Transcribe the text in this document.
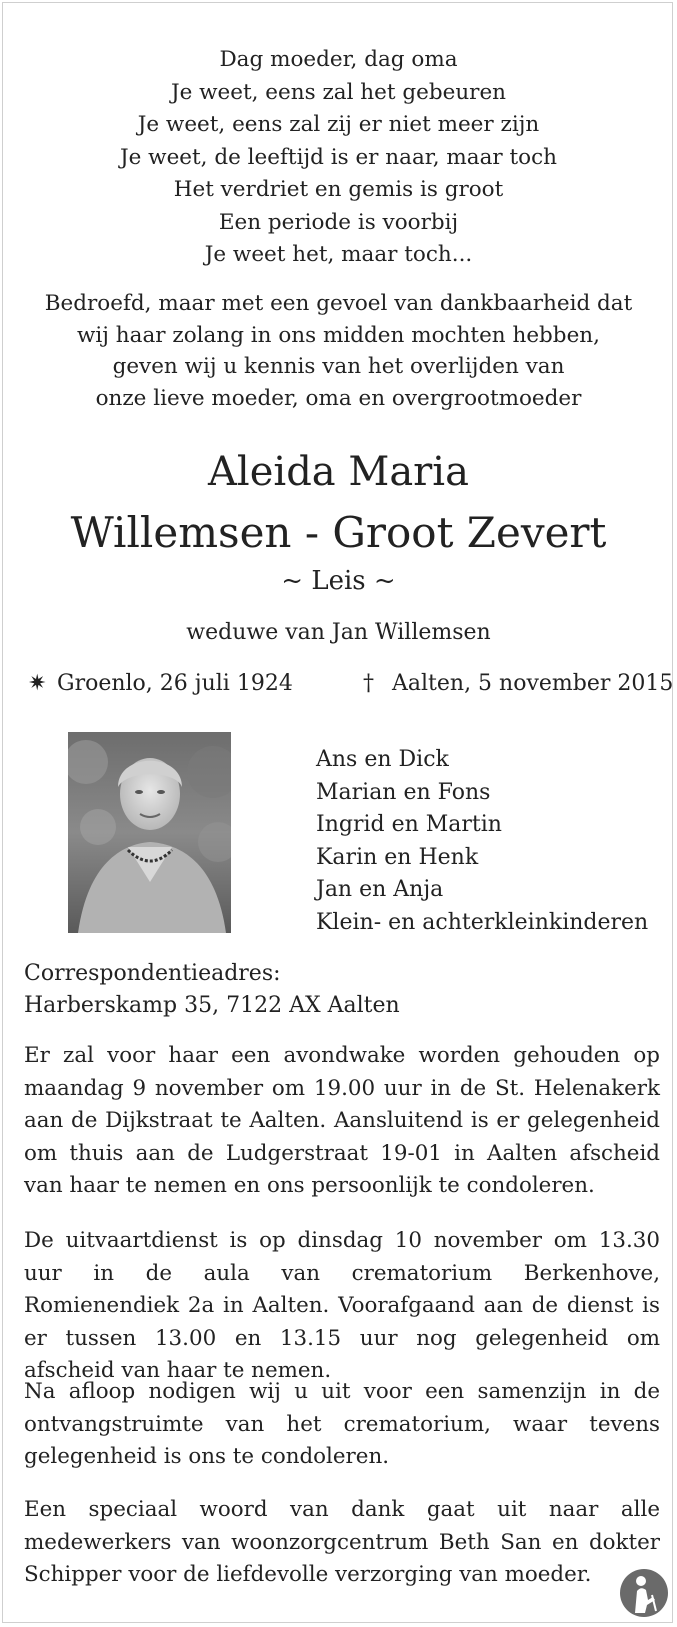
Dag moeder, dag oma
Je weet, eens zal het gebeuren
Je weet, eens zal zij er niet meer zijn
Je weet, de leeftijd is er naar, maar toch
Het verdriet en gemis is groot
Een periode is voorbij
Je weet het, maar toch...
Bedroefd, maar met een gevoel van dankbaarheid dat
wij haar zolang in ons midden mochten hebben,
geven wij u kennis van het overlijden van
onze lieve moeder, oma en overgrootmoeder
Aleida Maria
Willemsen - Groot Zevert
~ Leis ~
weduwe van Jan Willemsen
✷ Groenlo, 26 juli 1924	† Aalten, 5 november 2015
Ans en Dick
Marian en Fons
Ingrid en Martin
Karin en Henk
Jan en Anja
Klein- en achterkleinkinderen
Correspondentieadres:
Harberskamp 35, 7122 AX Aalten
Er zal voor haar een avondwake worden gehouden op maandag 9 november om 19.00 uur in de St. Helenakerk aan de Dijkstraat te Aalten. Aansluitend is er gelegenheid om thuis aan de Ludgerstraat 19-01 in Aalten afscheid van haar te nemen en ons persoonlijk te condoleren.
De uitvaartdienst is op dinsdag 10 november om 13.30 uur in de aula van crematorium Berkenhove, Romienendiek 2a in Aalten. Voorafgaand aan de dienst is er tussen 13.00 en 13.15 uur nog gelegenheid om afscheid van haar te nemen.
Na afloop nodigen wij u uit voor een samenzijn in de ontvangstruimte van het crematorium, waar tevens gelegenheid is ons te condoleren.
Een speciaal woord van dank gaat uit naar alle medewerkers van woonzorgcentrum Beth San en dokter Schipper voor de liefdevolle verzorging van moeder.
